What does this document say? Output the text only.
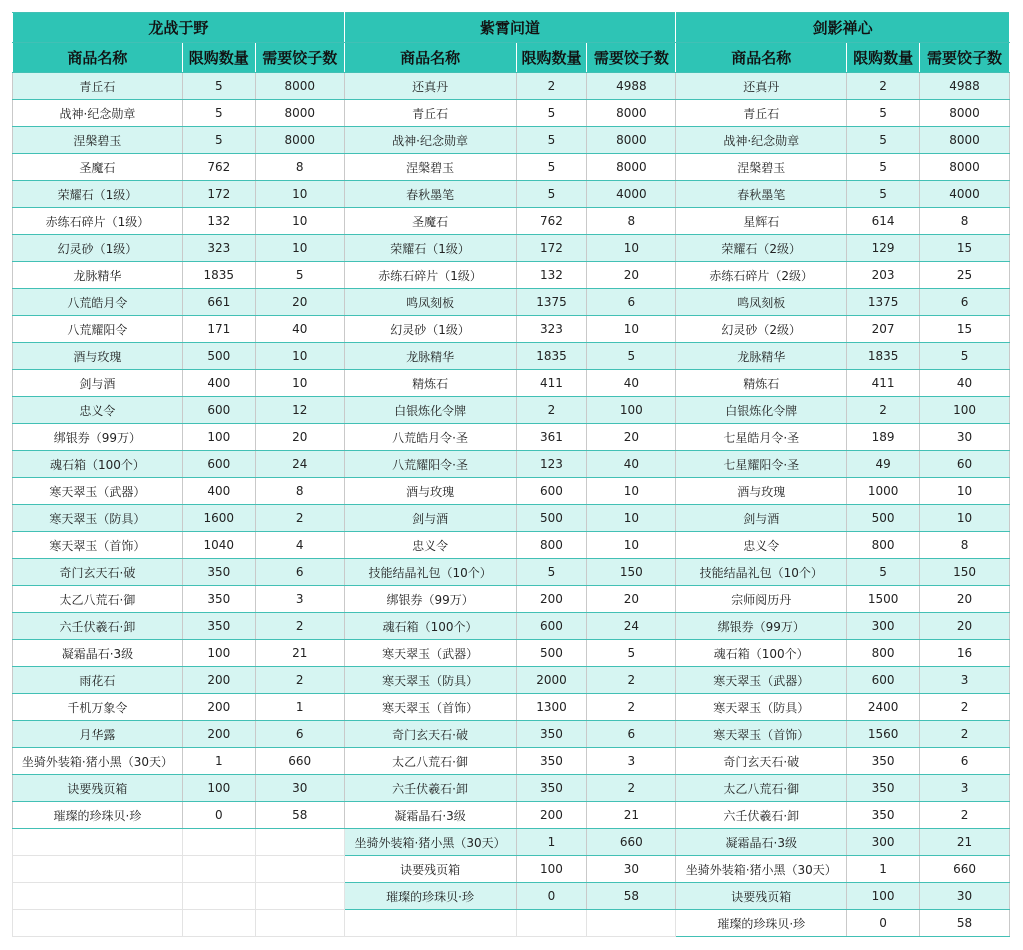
龙战于野			紫霄问道			剑影禅心		
商品名称	限购数量	需要饺子数	商品名称	限购数量	需要饺子数	商品名称	限购数量	需要饺子数
青丘石	5	8000	还真丹	2	4988	还真丹	2	4988
战神·纪念勋章	5	8000	青丘石	5	8000	青丘石	5	8000
涅槃碧玉	5	8000	战神·纪念勋章	5	8000	战神·纪念勋章	5	8000
圣魔石	762	8	涅槃碧玉	5	8000	涅槃碧玉	5	8000
荣耀石（1级）	172	10	春秋墨笔	5	4000	春秋墨笔	5	4000
赤练石碎片（1级）	132	10	圣魔石	762	8	星辉石	614	8
幻灵砂（1级）	323	10	荣耀石（1级）	172	10	荣耀石（2级）	129	15
龙脉精华	1835	5	赤练石碎片（1级）	132	20	赤练石碎片（2级）	203	25
八荒皓月令	661	20	鸣凤刻板	1375	6	鸣凤刻板	1375	6
八荒耀阳令	171	40	幻灵砂（1级）	323	10	幻灵砂（2级）	207	15
酒与玫瑰	500	10	龙脉精华	1835	5	龙脉精华	1835	5
剑与酒	400	10	精炼石	411	40	精炼石	411	40
忠义令	600	12	白银炼化令牌	2	100	白银炼化令牌	2	100
绑银券（99万）	100	20	八荒皓月令·圣	361	20	七星皓月令·圣	189	30
魂石箱（100个）	600	24	八荒耀阳令·圣	123	40	七星耀阳令·圣	49	60
寒天翠玉（武器）	400	8	酒与玫瑰	600	10	酒与玫瑰	1000	10
寒天翠玉（防具）	1600	2	剑与酒	500	10	剑与酒	500	10
寒天翠玉（首饰）	1040	4	忠义令	800	10	忠义令	800	8
奇门玄天石·破	350	6	技能结晶礼包（10个）	5	150	技能结晶礼包（10个）	5	150
太乙八荒石·御	350	3	绑银券（99万）	200	20	宗师阅历丹	1500	20
六壬伏羲石·卸	350	2	魂石箱（100个）	600	24	绑银券（99万）	300	20
凝霜晶石·3级	100	21	寒天翠玉（武器）	500	5	魂石箱（100个）	800	16
雨花石	200	2	寒天翠玉（防具）	2000	2	寒天翠玉（武器）	600	3
千机万象令	200	1	寒天翠玉（首饰）	1300	2	寒天翠玉（防具）	2400	2
月华露	200	6	奇门玄天石·破	350	6	寒天翠玉（首饰）	1560	2
坐骑外装箱·猪小黑（30天）	1	660	太乙八荒石·御	350	3	奇门玄天石·破	350	6
诀要残页箱	100	30	六壬伏羲石·卸	350	2	太乙八荒石·御	350	3
璀璨的珍珠贝·珍	0	58	凝霜晶石·3级	200	21	六壬伏羲石·卸	350	2
			坐骑外装箱·猪小黑（30天）	1	660	凝霜晶石·3级	300	21
			诀要残页箱	100	30	坐骑外装箱·猪小黑（30天）	1	660
			璀璨的珍珠贝·珍	0	58	诀要残页箱	100	30
						璀璨的珍珠贝·珍	0	58
